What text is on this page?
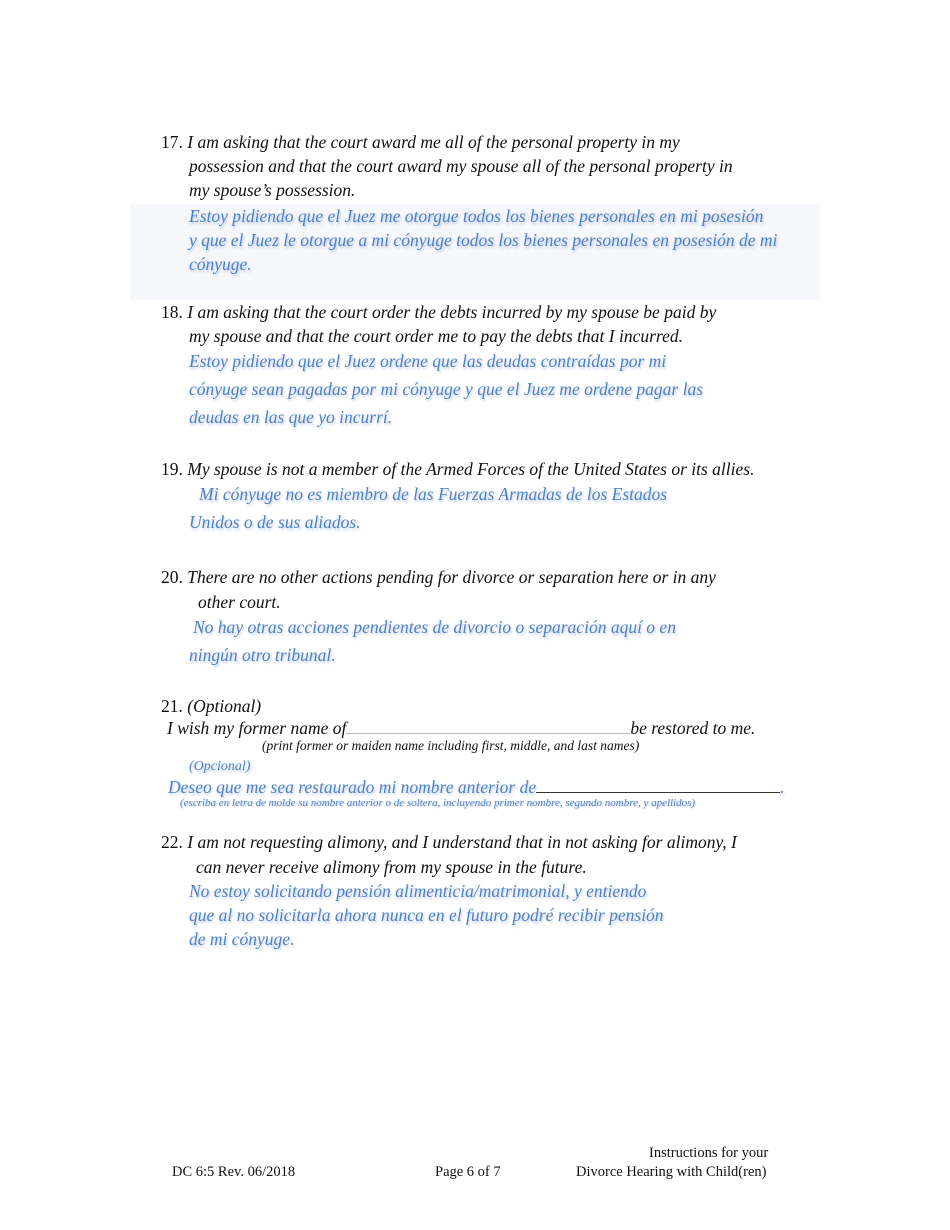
17. I am asking that the court award me all of the personal property in my
possession and that the court award my spouse all of the personal property in
my spouse’s possession.
Estoy pidiendo que el Juez me otorgue todos los bienes personales en mi posesión
y que el Juez le otorgue a mi cónyuge todos los bienes personales en posesión de mi
cónyuge.
18. I am asking that the court order the debts incurred by my spouse be paid by
my spouse and that the court order me to pay the debts that I incurred.
Estoy pidiendo que el Juez ordene que las deudas contraídas por mi
cónyuge sean pagadas por mi cónyuge y que el Juez me ordene pagar las
deudas en las que yo incurrí.
19. My spouse is not a member of the Armed Forces of the United States or its allies.
Mi cónyuge no es miembro de las Fuerzas Armadas de los Estados
Unidos o de sus aliados.
20. There are no other actions pending for divorce or separation here or in any
other court.
No hay otras acciones pendientes de divorcio o separación aquí o en
ningún otro tribunal.
21. (Optional)
I wish my former name of	be restored to me.
(print former or maiden name including first, middle, and last names)
(Opcional)
Deseo que me sea restaurado mi nombre anterior de	.
(escriba en letra de molde su nombre anterior o de soltera, incluyendo primer nombre, segundo nombre, y apellidos)
22. I am not requesting alimony, and I understand that in not asking for alimony, I
can never receive alimony from my spouse in the future.
No estoy solicitando pensión alimenticia/matrimonial, y entiendo
que al no solicitarla ahora nunca en el futuro podré recibir pensión
de mi cónyuge.
DC 6:5 Rev. 06/2018	Page 6 of 7
Instructions for your
Divorce Hearing with Child(ren)
